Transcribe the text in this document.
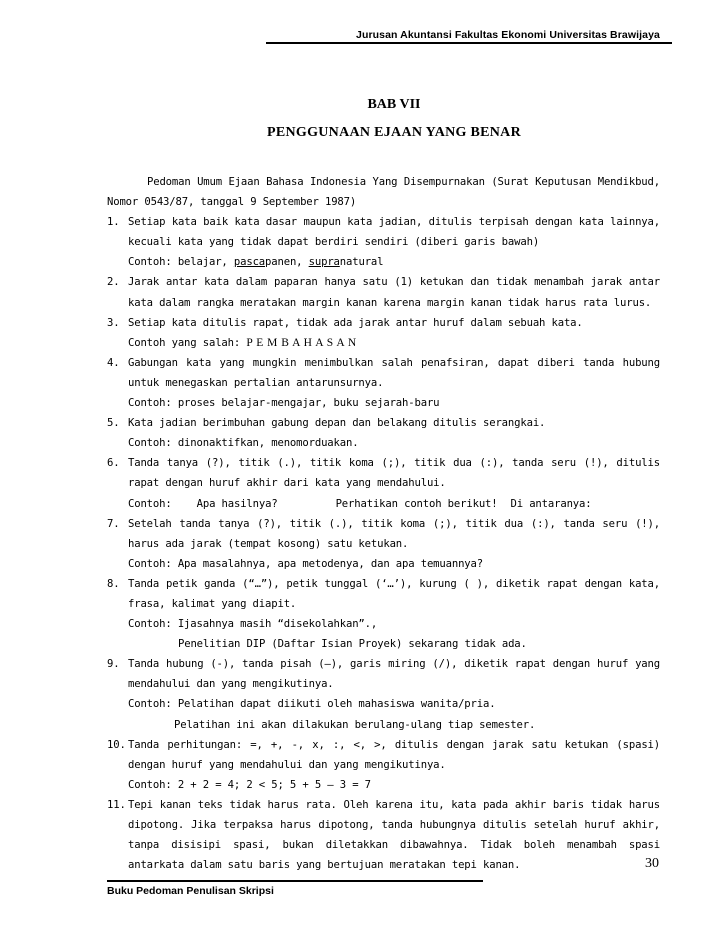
Jurusan Akuntansi Fakultas Ekonomi Universitas Brawijaya
BAB VII
PENGGUNAAN EJAAN YANG BENAR

Pedoman Umum Ejaan Bahasa Indonesia Yang Disempurnakan (Surat Keputusan Mendikbud, Nomor 0543/87, tanggal 9 September 1987)

1. Setiap kata baik kata dasar maupun kata jadian, ditulis terpisah dengan kata lainnya, kecuali kata yang tidak dapat berdiri sendiri (diberi garis bawah)
Contoh: belajar, pascapanen, supranatural
2. Jarak antar kata dalam paparan hanya satu (1) ketukan dan tidak menambah jarak antar kata dalam rangka meratakan margin kanan karena margin kanan tidak harus rata lurus.
3. Setiap kata ditulis rapat, tidak ada jarak antar huruf dalam sebuah kata.
Contoh yang salah: P E M B A H A S A N
4. Gabungan kata yang mungkin menimbulkan salah penafsiran, dapat diberi tanda hubung untuk menegaskan pertalian antarunsurnya.
Contoh: proses belajar-mengajar, buku sejarah-baru
5. Kata jadian berimbuhan gabung depan dan belakang ditulis serangkai.
Contoh: dinonaktifkan, menomorduakan.
6. Tanda tanya (?), titik (.), titik koma (;), titik dua (:), tanda seru (!), ditulis rapat dengan huruf akhir dari kata yang mendahului.
Contoh: Apa hasilnya?	Perhatikan contoh berikut! Di antaranya:
7. Setelah tanda tanya (?), titik (.), titik koma (;), titik dua (:), tanda seru (!), harus ada jarak (tempat kosong) satu ketukan.
Contoh: Apa masalahnya, apa metodenya, dan apa temuannya?
8. Tanda petik ganda (“…”), petik tunggal (‘…’), kurung ( ), diketik rapat dengan kata, frasa, kalimat yang diapit.
Contoh: Ijasahnya masih “disekolahkan”.,
Penelitian DIP (Daftar Isian Proyek) sekarang tidak ada.
9. Tanda hubung (-), tanda pisah (–), garis miring (/), diketik rapat dengan huruf yang mendahului dan yang mengikutinya.
Contoh: Pelatihan dapat diikuti oleh mahasiswa wanita/pria.
Pelatihan ini akan dilakukan berulang-ulang tiap semester.
10. Tanda perhitungan: =, +, -, x, :, <, >, ditulis dengan jarak satu ketukan (spasi) dengan huruf yang mendahului dan yang mengikutinya.
Contoh: 2 + 2 = 4; 2 < 5; 5 + 5 – 3 = 7
11. Tepi kanan teks tidak harus rata. Oleh karena itu, kata pada akhir baris tidak harus dipotong. Jika terpaksa harus dipotong, tanda hubungnya ditulis setelah huruf akhir, tanpa disisipi spasi, bukan diletakkan dibawahnya. Tidak boleh menambah spasi antarkata dalam satu baris yang bertujuan meratakan tepi kanan.	30
Buku Pedoman Penulisan Skripsi
